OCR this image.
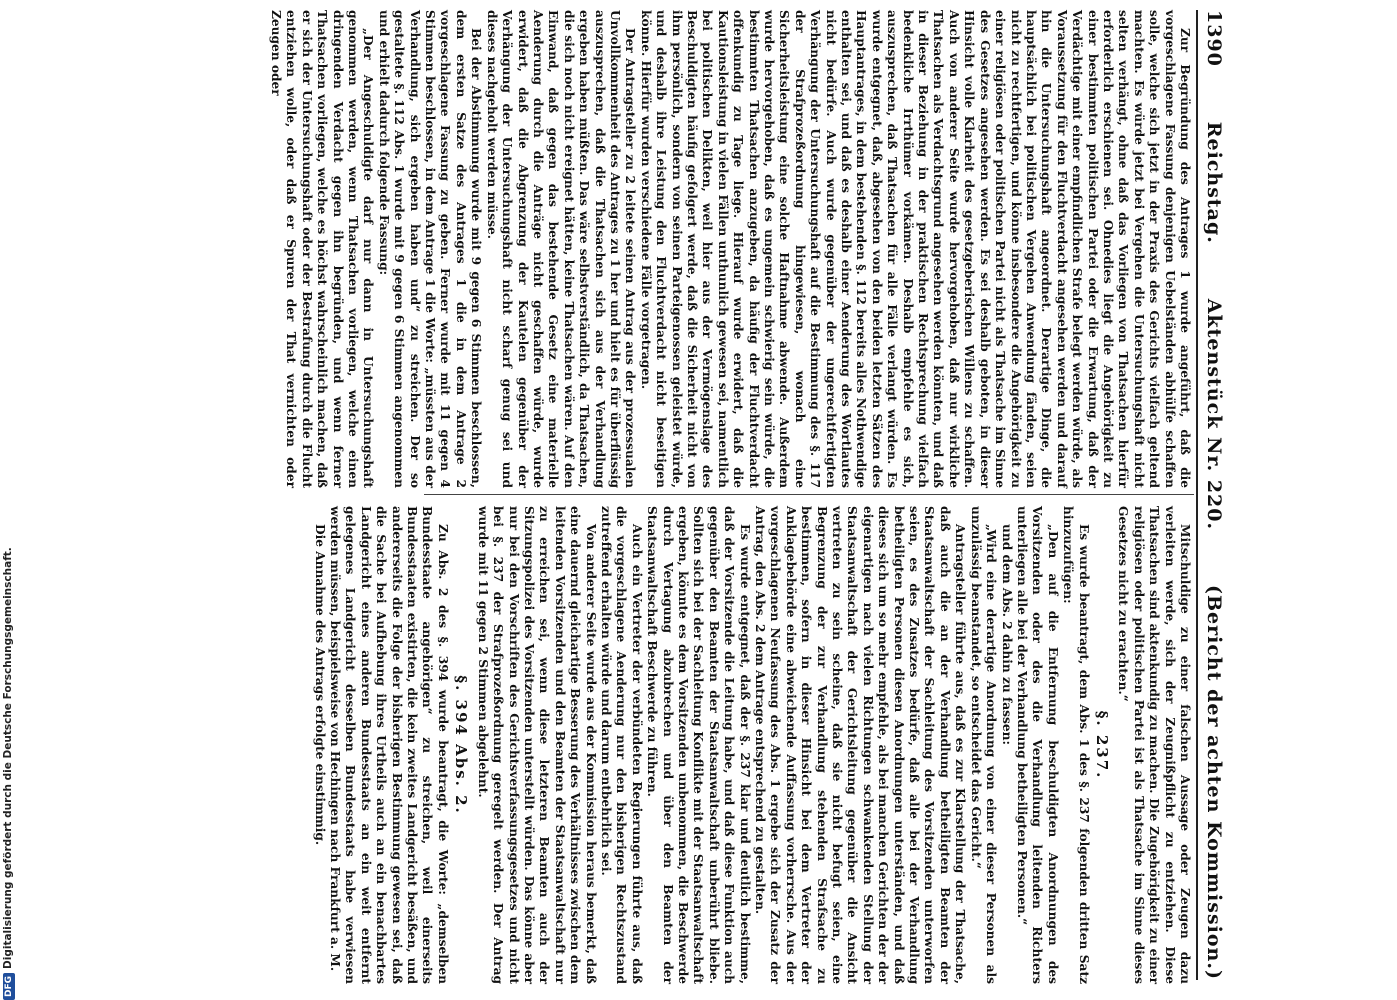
1390
Reichstag.
Aktenstück Nr. 220.
(Bericht der achten Kommission.)

Zur Begründung des Antrages 1 wurde angeführt, daß die vorgeschlagene Fassung denjenigen Uebelständen abhülfe schaffen solle, welche sich jetzt in der Praxis des Gerichts vielfach geltend machten. Es würde jetzt bei Vergehen die Untersuchungshaft nicht selten verhängt, ohne daß das Vorliegen von Thatsachen hierfür erforderlich erschienen sei. Ohnedies liegt die Angehörigkeit zu einer bestimmten politischen Partei oder die Erwartung, daß der Verdächtige mit einer empfindlichen Strafe belegt werden würde, als Voraussetzung für den Fluchtverdacht angesehen werden und darauf hin die Untersuchungshaft angeordnet. Derartige Dinge, die hauptsächlich bei politischen Vergehen Anwendung fänden, seien nicht zu rechtfertigen, und könne insbesondere die Angehörigkeit zu einer religiösen oder politischen Partei nicht als Thatsache im Sinne des Gesetzes angesehen werden. Es sei deshalb geboten, in dieser Hinsicht volle Klarheit des gesetzgeberischen Willens zu schaffen. Auch von anderer Seite wurde hervorgehoben, daß nur wirkliche Thatsachen als Verdachtsgrund angesehen werden könnten, und daß in dieser Beziehung in der praktischen Rechtsprechung vielfach bedenkliche Irrthümer vorkämen. Deshalb empfehle es sich, auszusprechen, daß Thatsachen für alle Fälle verlangt würden. Es wurde entgegnet, daß, abgesehen von den beiden letzten Sätzen des Hauptantrages, in dem bestehenden §. 112 bereits alles Nothwendige enthalten sei, und daß es deshalb einer Aenderung des Wortlautes nicht bedürfe. Auch wurde gegenüber der ungerechtfertigten Verhängung der Untersuchungshaft auf die Bestimmung des §. 117 der Strafprozeßordnung hingewiesen, wonach eine Sicherheitsleistung eine solche Haftnahme abwende. Außerdem wurde hervorgehoben, daß es ungemein schwierig sein würde, die bestimmten Thatsachen anzugeben, da häufig der Fluchtverdacht offenkundig zu Tage liege. Hierauf wurde erwidert, daß die Kautionsleistung in vielen Fällen unthunlich gewesen sei, namentlich bei politischen Delikten, weil hier aus der Vermögenslage des Beschuldigten häufig gefolgert werde, daß die Sicherheit nicht von ihm persönlich, sondern von seinen Parteigenossen geleistet würde, und deshalb ihre Leistung den Fluchtverdacht nicht beseitigen könne. Hierfür wurden verschiedene Fälle vorgetragen.

Der Antragsteller zu 2 leitete seinen Antrag aus der prozessualen Unvollkommenheit des Antrages zu 1 her und hielt es für überflüssig auszusprechen, daß die Thatsachen sich aus der Verhandlung ergeben haben müßten. Das wäre selbstverständlich, da Thatsachen, die sich noch nicht ereignet hätten, keine Thatsachen wären. Auf den Einwand, daß gegen das bestehende Gesetz eine materielle Aenderung durch die Anträge nicht geschaffen würde, wurde erwidert, daß die Abgrenzung der Kautelen gegenüber der Verhängung der Untersuchungshaft nicht scharf genug sei und dieses nachgeholt werden müsse.

Bei der Abstimmung wurde mit 9 gegen 6 Stimmen beschlossen, dem ersten Satze des Antrages 1 die in dem Antrage 2 vorgeschlagene Fassung zu geben. Ferner wurde mit 11 gegen 4 Stimmen beschlossen, in dem Antrage 1 die Worte: „müssten aus der Verhandlung, sich ergeben haben und“ zu streichen. Der so gestaltete §. 112 Abs. 1 wurde mit 9 gegen 6 Stimmen angenommen und erhielt dadurch folgende Fassung:

„Der Angeschuldigte darf nur dann in Untersuchungshaft genommen werden, wenn Thatsachen vorliegen, welche einen dringenden Verdacht gegen ihn begründen, und wenn ferner Thatsachen vorliegen, welche es höchst wahrscheinlich machen, daß er sich der Untersuchungshaft oder der Bestrafung durch die Flucht entziehen wolle, oder daß er Spuren der That vernichten oder Zeugen oder

Mitschuldige zu einer falschen Aussage oder Zeugen dazu verleiten werde, sich der Zeugnißpflicht zu entziehen. Diese Thatsachen sind aktenkundig zu machen. Die Zugehörigkeit zu einer religiösen oder politischen Partei ist als Thatsache im Sinne dieses Gesetzes nicht zu erachten.“

§. 237.

Es wurde beantragt, dem Abs. 1 des §. 237 folgenden dritten Satz hinzuzufügen:

„Den auf die Entfernung beschuldigten Anordnungen des Vorsitzenden oder des die Verhandlung leitenden Richters unterliegen alle bei der Verhandlung betheiligten Personen.“

und dem Abs. 2 dahin zu fassen:

„Wird eine derartige Anordnung von einer dieser Personen als unzulässig beanstandet, so entscheidet das Gericht.“

Antragsteller führte aus, daß es zur Klarstellung der Thatsache, daß auch die an der Verhandlung betheiligten Beamten der Staatsanwaltschaft der Sachleitung des Vorsitzenden unterworfen seien, es des Zusatzes bedürfe, daß alle bei der Verhandlung betheiligten Personen diesen Anordnungen unterständen, und daß dieses sich um so mehr empfehle, als bei manchen Gerichten der der eigenartigen nach vielen Richtungen schwankenden Stellung der Staatsanwaltschaft der Gerichtsleitung gegenüber die Ansicht vertreten zu sein scheine, daß sie nicht befugt seien, eine Begrenzung der zur Verhandlung stehenden Strafsache zu bestimmen, sofern in dieser Hinsicht bei dem Vertreter der Anklagebehörde eine abweichende Auffassung vorherrsche. Aus der vorgeschlagenen Neufassung des Abs. 1 ergebe sich der Zusatz der Antrag, den Abs. 2 dem Antrage entsprechend zu gestalten.

Es wurde entgegnet, daß der §. 237 klar und deutlich bestimme, daß der Vorsitzende die Leitung habe, und daß diese Funktion auch gegenüber den Beamten der Staatsanwaltschaft unberührt bliebe. Sollten sich bei der Sachleitung Konflikte mit der Staatsanwaltschaft ergeben, könnte es dem Vorsitzenden unbenommen, die Beschwerde durch Vertagung abzubrechen und über den Beamten der Staatsanwaltschaft Beschwerde zu führen.

Auch ein Vertreter der verbündeten Regierungen führte aus, daß die vorgeschlagene Aenderung nur den bisherigen Rechtszustand zutreffend erhalten würde und darum entbehrlich sei.

Von anderer Seite wurde aus der Kommission heraus bemerkt, daß eine dauernd gleichartige Besserung des Verhältnisses zwischen dem leitenden Vorsitzenden und den Beamten der Staatsanwaltschaft nur zu erreichen sei, wenn diese letzteren Beamten auch der Sitzungspolizei des Vorsitzenden unterstellt würden. Das könne aber nur bei den Vorschriften des Gerichtsverfassungsgesetzes und nicht bei §. 237 der Strafprozeßordnung geregelt werden. Der Antrag wurde mit 11 gegen 2 Stimmen abgelehnt.

§. 394 Abs. 2.

Zu Abs. 2 des §. 394 wurde beantragt, die Worte: „demselben Bundesstaate angehörigen“ zu streichen, weil einerseits Bundesstaaten existirten, die kein zweites Landgericht besäßen, und andererseits die Folge der bisherigen Bestimmung gewesen sei, daß die Sache bei Aufhebung ihres Urtheils auch an ein benachbartes Landgericht eines anderen Bundesstaats an ein weit entfernt gelegenes Landgericht desselben Bundesstaats habe verwiesen werden müssen, beispielsweise von Hechingen nach Frankfurt a. M.

Die Annahme des Antrags erfolgte einstimmig.

DFGDigitalisierung gefördert durch die Deutsche Forschungsgemeinschaft.
